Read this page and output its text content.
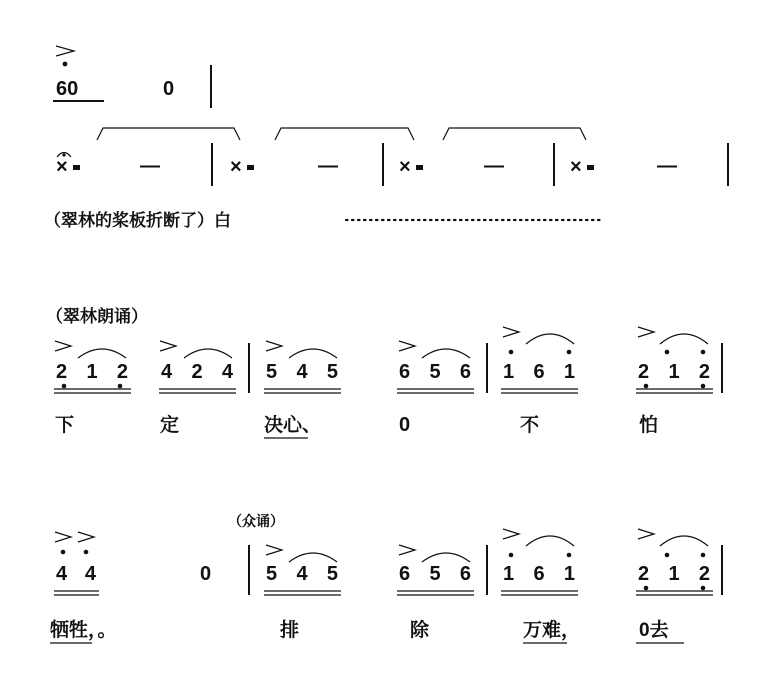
60	0
×	—	×	—	×	—	×	—
（翠林的桨板折断了）白
（翠林朗诵）
212 424 545	656 161	212
下	定	决心、	0	不	怕
（众诵）
44	0	545	656 161	212
牺牲，。	排	除	万难，	0去
